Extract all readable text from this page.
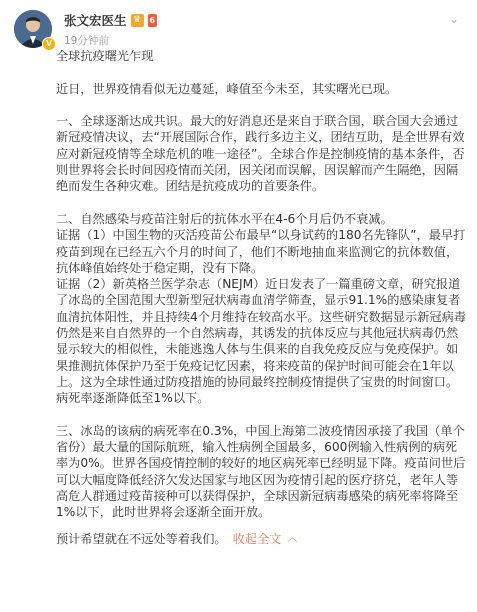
V
张文宏医生 ♛	6
19分钟前
⌄

全球抗疫曙光乍现

近日，世界疫情看似无边蔓延，峰值至今未至，其实曙光已现。

一、全球逐渐达成共识。最大的好消息还是来自于联合国，联合国大会通过新冠疫情决议，去“开展国际合作，践行多边主义，团结互助，是全世界有效应对新冠疫情等全球危机的唯一途径”。全球合作是控制疫情的基本条件，否则世界将会长时间因疫情而关闭，因关闭而误解，因误解而产生隔绝，因隔绝而发生各种灾难。团结是抗疫成功的首要条件。

二、自然感染与疫苗注射后的抗体水平在4-6个月后仍不衰减。

证据（1）中国生物的灭活疫苗公布最早“以身试药的180名先锋队”，最早打疫苗到现在已经五六个月的时间了，他们不断地抽血来监测它的抗体数值，抗体峰值始终处于稳定期，没有下降。

证据（2）新英格兰医学杂志（NEJM）近日发表了一篇重磅文章，研究报道了冰岛的全国范围大型新型冠状病毒血清学筛查，显示91.1%的感染康复者血清抗体阳性，并且持续4个月维持在较高水平。这些研究数据显示新冠病毒仍然是来自自然界的一个自然病毒，其诱发的抗体反应与其他冠状病毒仍然显示较大的相似性，未能逃逸人体与生俱来的自我免疫反应与免疫保护。如果推测抗体保护乃至于免疫记忆因素，将来疫苗的保护时间可能会在1年以上。这为全球性通过防疫措施的协同最终控制疫情提供了宝贵的时间窗口。病死率逐渐降低至1%以下。

三、冰岛的该病的病死率在0.3%，中国上海第二波疫情因承接了我国（单个省份）最大量的国际航班，输入性病例全国最多，600例输入性病例的病死率为0%。世界各国疫情控制的较好的地区病死率已经明显下降。疫苗问世后可以大幅度降低经济欠发达国家与地区因为疫情引起的医疗挤兑，老年人等高危人群通过疫苗接种可以获得保护，全球因新冠病毒感染的病死率将降至1%以下，此时世界将会逐渐全面开放。

预计希望就在不远处等着我们。 收起全文 ︿
